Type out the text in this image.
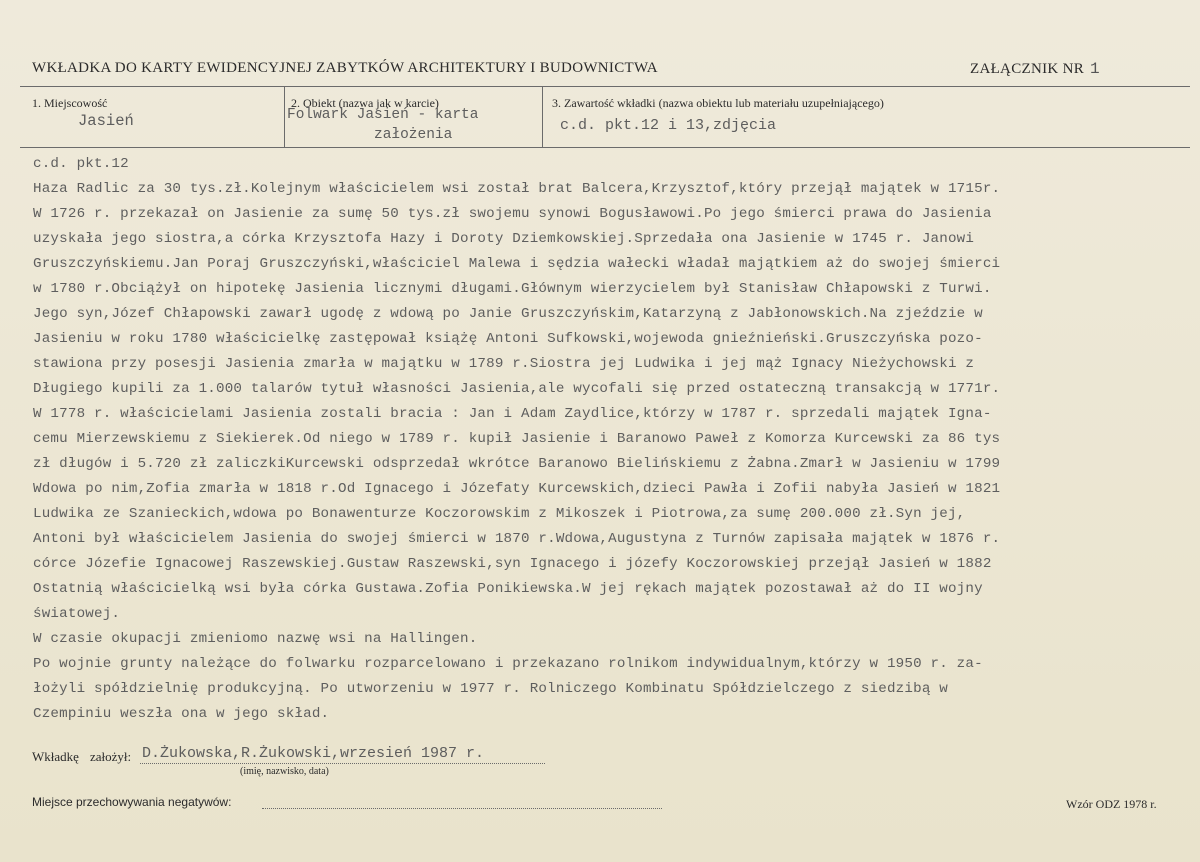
WKŁADKA DO KARTY EWIDENCYJNEJ ZABYTKÓW ARCHITEKTURY I BUDOWNICTWA	ZAŁĄCZNIK NR 1
1. Miejscowość
Jasień
2. Obiekt (nazwa jak w karcie)
Folwark Jasień - karta
założenia
3. Zawartość wkładki (nazwa obiektu lub materiału uzupełniającego)
c.d. pkt.12 i 13,zdjęcia
c.d. pkt.12
Haza Radlic za 30 tys.zł.Kolejnym właścicielem wsi został brat Balcera,Krzysztof,który przejął majątek w 1715r.
W 1726 r. przekazał on Jasienie za sumę 50 tys.zł swojemu synowi Bogusławowi.Po jego śmierci prawa do Jasienia
uzyskała jego siostra,a córka Krzysztofa Hazy i Doroty Dziemkowskiej.Sprzedała ona Jasienie w 1745 r. Janowi
Gruszczyńskiemu.Jan Poraj Gruszczyński,właściciel Malewa i sędzia wałecki władał majątkiem aż do swojej śmierci
w 1780 r.Obciążył on hipotekę Jasienia licznymi długami.Głównym wierzycielem był Stanisław Chłapowski z Turwi.
Jego syn,Józef Chłapowski zawarł ugodę z wdową po Janie Gruszczyńskim,Katarzyną z Jabłonowskich.Na zjeździe w
Jasieniu w roku 1780 właścicielkę zastępował książę Antoni Sufkowski,wojewoda gnieźnieński.Gruszczyńska pozo-
stawiona przy posesji Jasienia zmarła w majątku w 1789 r.Siostra jej Ludwika i jej mąż Ignacy Nieżychowski z
Długiego kupili za 1.000 talarów tytuł własności Jasienia,ale wycofali się przed ostateczną transakcją w 1771r.
W 1778 r. właścicielami Jasienia zostali bracia : Jan i Adam Zaydlice,którzy w 1787 r. sprzedali majątek Igna-
cemu Mierzewskiemu z Siekierek.Od niego w 1789 r. kupił Jasienie i Baranowo Paweł z Komorza Kurcewski za 86 tys
zł długów i 5.720 zł zaliczkiKurcewski odsprzedał wkrótce Baranowo Bielińskiemu z Żabna.Zmarł w Jasieniu w 1799
Wdowa po nim,Zofia zmarła w 1818 r.Od Ignacego i Józefaty Kurcewskich,dzieci Pawła i Zofii nabyła Jasień w 1821
Ludwika ze Szanieckich,wdowa po Bonawenturze Koczorowskim z Mikoszek i Piotrowa,za sumę 200.000 zł.Syn jej,
Antoni był właścicielem Jasienia do swojej śmierci w 1870 r.Wdowa,Augustyna z Turnów zapisała majątek w 1876 r.
córce Józefie Ignacowej Raszewskiej.Gustaw Raszewski,syn Ignacego i józefy Koczorowskiej przejął Jasień w 1882
Ostatnią właścicielką wsi była córka Gustawa.Zofia Ponikiewska.W jej rękach majątek pozostawał aż do II wojny
światowej.
W czasie okupacji zmieniomo nazwę wsi na Hallingen.
Po wojnie grunty należące do folwarku rozparcelowano i przekazano rolnikom indywidualnym,którzy w 1950 r. za-
łożyli spółdzielnię produkcyjną. Po utworzeniu w 1977 r. Rolniczego Kombinatu Spółdzielczego z siedzibą w
Czempiniu weszła ona w jego skład.
Wkładkę założył: D.Żukowska,R.Żukowski,wrzesień 1987 r.
(imię, nazwisko, data)
Miejsce przechowywania negatywów:	Wzór ODZ 1978 r.
